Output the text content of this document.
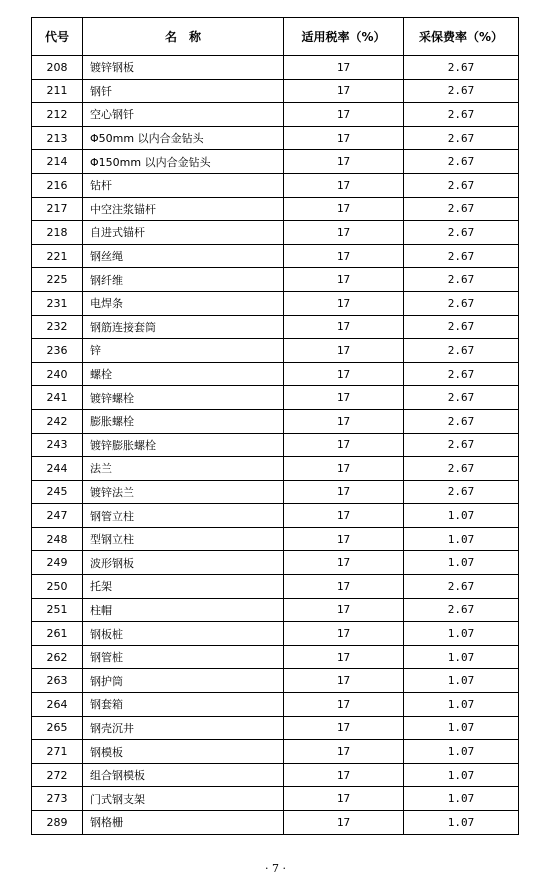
代号	名　称	适用税率（%）	采保费率（%）
208	镀锌钢板	17	2.67
211	钢钎	17	2.67
212	空心钢钎	17	2.67
213	Φ50mm 以内合金钻头	17	2.67
214	Φ150mm 以内合金钻头	17	2.67
216	钻杆	17	2.67
217	中空注浆锚杆	17	2.67
218	自进式锚杆	17	2.67
221	钢丝绳	17	2.67
225	钢纤维	17	2.67
231	电焊条	17	2.67
232	钢筋连接套筒	17	2.67
236	锌	17	2.67
240	螺栓	17	2.67
241	镀锌螺栓	17	2.67
242	膨胀螺栓	17	2.67
243	镀锌膨胀螺栓	17	2.67
244	法兰	17	2.67
245	镀锌法兰	17	2.67
247	钢管立柱	17	1.07
248	型钢立柱	17	1.07
249	波形钢板	17	1.07
250	托架	17	2.67
251	柱帽	17	2.67
261	钢板桩	17	1.07
262	钢管桩	17	1.07
263	钢护筒	17	1.07
264	钢套箱	17	1.07
265	钢壳沉井	17	1.07
271	钢模板	17	1.07
272	组合钢模板	17	1.07
273	门式钢支架	17	1.07
289	钢格栅	17	1.07
· 7 ·
